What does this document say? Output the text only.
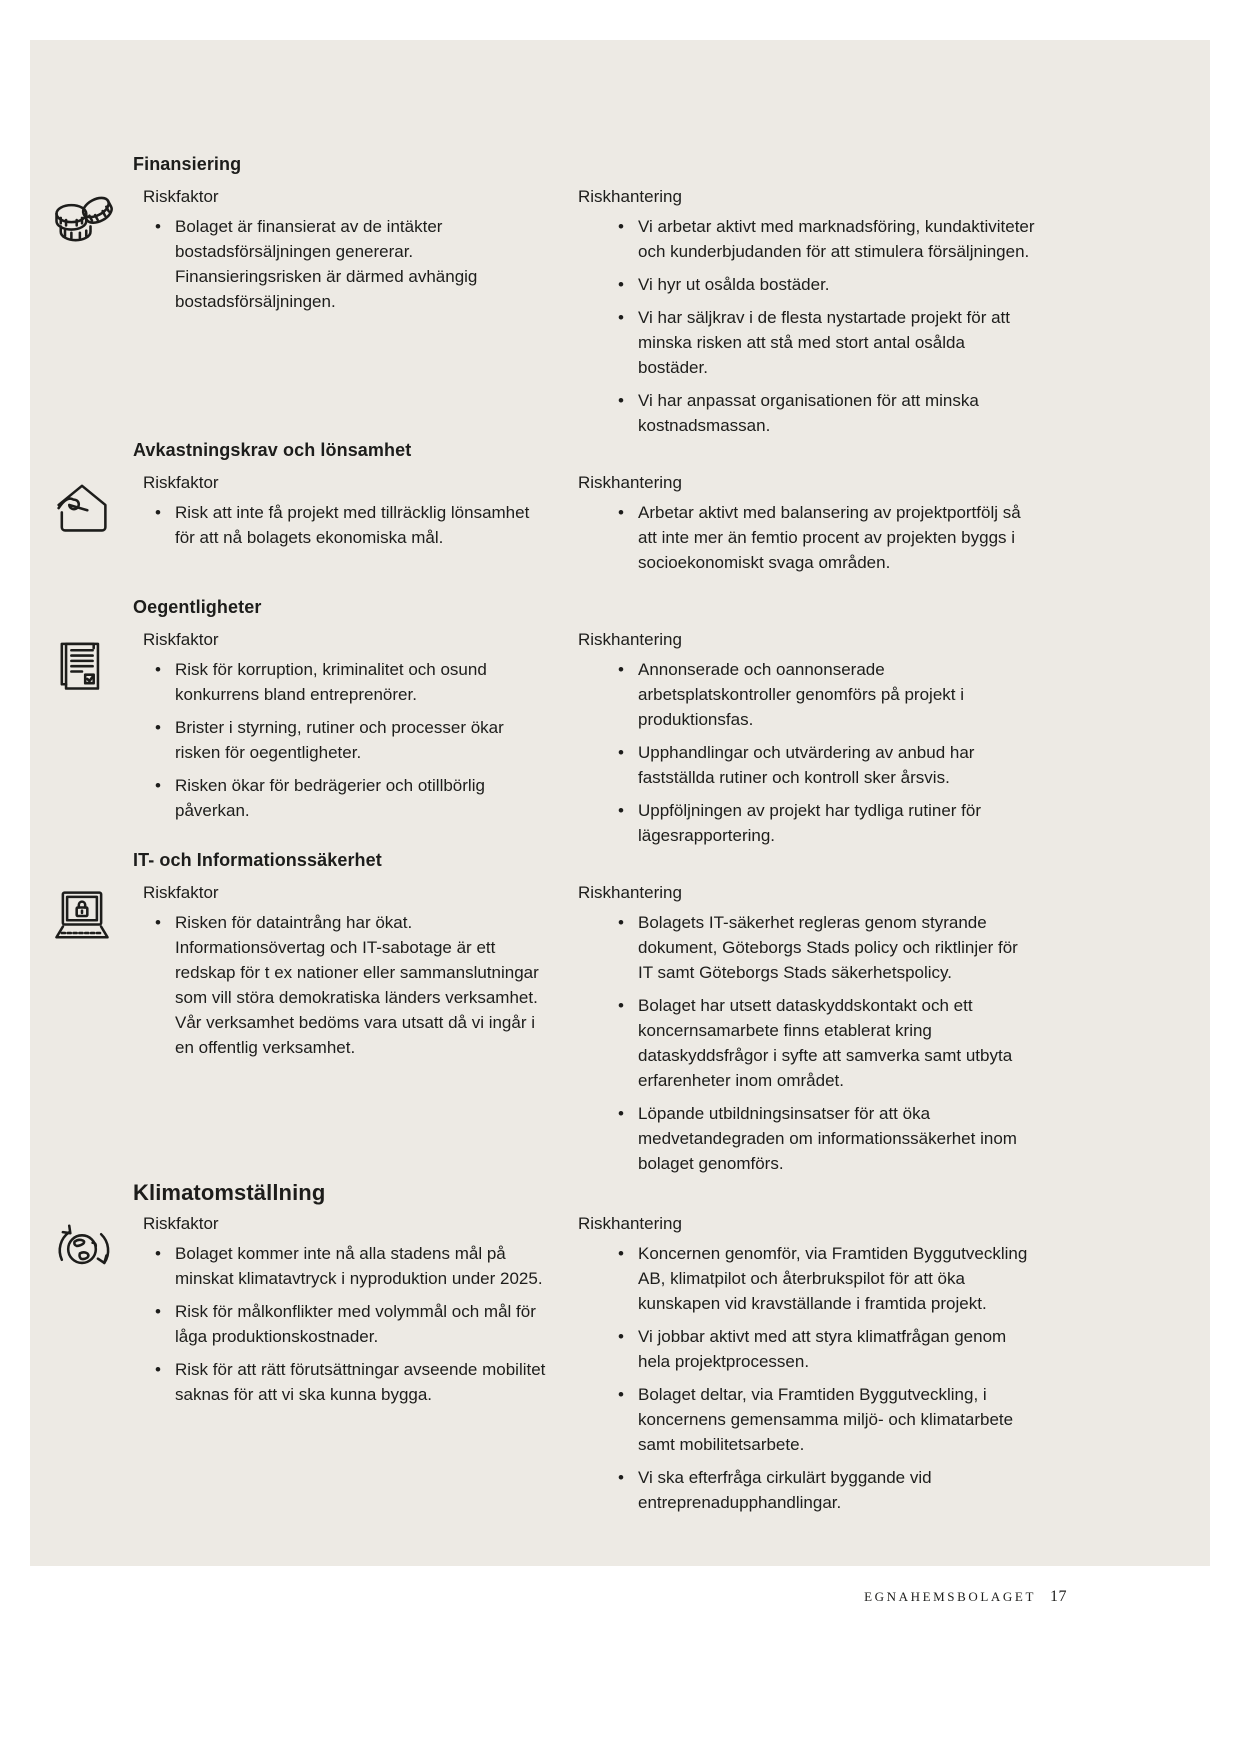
Finansiering

Riskfaktor

• Bolaget är finansierat av de intäkter bostadsförsäljningen genererar. Finansieringsrisken är därmed avhängig bostadsförsäljningen.

Riskhantering

• Vi arbetar aktivt med marknadsföring, kundaktiviteter och kunderbjudanden för att stimulera försäljningen.
• Vi hyr ut osålda bostäder.
• Vi har säljkrav i de flesta nystartade projekt för att minska risken att stå med stort antal osålda bostäder.
• Vi har anpassat organisationen för att minska kostnadsmassan.
Avkastningskrav och lönsamhet

Riskfaktor

• Risk att inte få projekt med tillräcklig lönsamhet för att nå bolagets ekonomiska mål.

Riskhantering

• Arbetar aktivt med balansering av projektportfölj så att inte mer än femtio procent av projekten byggs i socioekonomiskt svaga områden.
Oegentligheter

Riskfaktor

• Risk för korruption, kriminalitet och osund konkurrens bland entreprenörer.
• Brister i styrning, rutiner och processer ökar risken för oegentligheter.
• Risken ökar för bedrägerier och otillbörlig påverkan.

Riskhantering

• Annonserade och oannonserade arbetsplatskontroller genomförs på projekt i produktionsfas.
• Upphandlingar och utvärdering av anbud har fastställda rutiner och kontroll sker årsvis.
• Uppföljningen av projekt har tydliga rutiner för lägesrapportering.
IT- och Informationssäkerhet

Riskfaktor

• Risken för dataintrång har ökat. Informationsövertag och IT-sabotage är ett redskap för t ex nationer eller sammanslutningar som vill störa demokratiska länders verksamhet. Vår verksamhet bedöms vara utsatt då vi ingår i en offentlig verksamhet.

Riskhantering

• Bolagets IT-säkerhet regleras genom styrande dokument, Göteborgs Stads policy och riktlinjer för IT samt Göteborgs Stads säkerhetspolicy.
• Bolaget har utsett dataskyddskontakt och ett koncernsamarbete finns etablerat kring dataskyddsfrågor i syfte att samverka samt utbyta erfarenheter inom området.
• Löpande utbildningsinsatser för att öka medvetandegraden om informationssäkerhet inom bolaget genomförs.
Klimatomställning

Riskfaktor

• Bolaget kommer inte nå alla stadens mål på minskat klimatavtryck i nyproduktion under 2025.
• Risk för målkonflikter med volymmål och mål för låga produktionskostnader.
• Risk för att rätt förutsättningar avseende mobilitet saknas för att vi ska kunna bygga.

Riskhantering

• Koncernen genomför, via Framtiden Byggutveckling AB, klimatpilot och återbrukspilot för att öka kunskapen vid kravställande i framtida projekt.
• Vi jobbar aktivt med att styra klimatfrågan genom hela projektprocessen.
• Bolaget deltar, via Framtiden Byggutveckling, i koncernens gemensamma miljö- och klimatarbete samt mobilitetsarbete.
• Vi ska efterfråga cirkulärt byggande vid entreprenadupphandlingar.
EGNAHEMSBOLAGET 17
